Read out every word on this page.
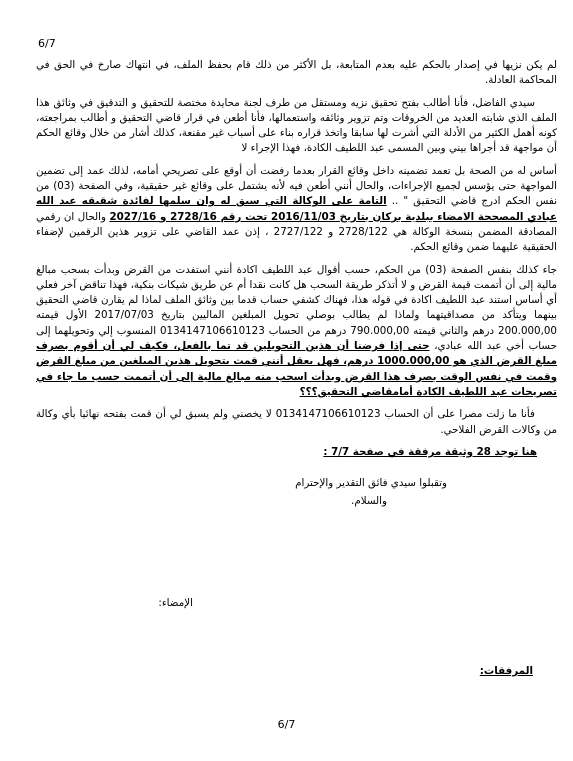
6/7

لم يكن نزيها في إصدار بالحكم عليه بعدم المتابعة، بل الأكثر من ذلك قام بحفظ الملف، في انتهاك صارخ في الحق في المحاكمة العادلة.

سيدي الفاضل، فأنا أطالب بفتح تحقيق نزيه ومستقل من طرف لجنة محايدة مختصة للتحقيق و التدقيق في وثائق هذا الملف الذي شابته العديد من الخروقات وتم تزوير وثائقه واستعمالها، فأنا أطعن في قرار قاضي التحقيق و أطالب بمراجعته، كونه أهمل الكثير من الأدلة التي أشرت لها سابقا واتخذ قراره بناء على أسباب غير مقنعة، كذلك أشار من خلال وقائع الحكم أن مواجهة قد أجراها بيني وبين المسمى عبد اللطيف الكادة، فهذا الإجراء لا

أساس له من الصحة بل تعمد تضمينه داخل وقائع القرار بعدما رفضت أن أوقع على تصريحي أمامه، لذلك عمد إلى تضمين المواجهة حتى يؤسس لجميع الإجراءات، والحال أنني أطعن فيه لأنه يشتمل على وقائع غير حقيقية، وفي الصفحة (03) من نفس الحكم ادرج قاضي التحقيق " .. التامة على الوكالة التي سبق له وان سلمها لفائدة شقيقه عبد الله عبادي المصححة الامضاء ببلدية بركان بتاريخ 2016/11/03 تحت رقم 2728/16 و 2027/16 والحال ان رقمي المصادقة المضمن بنسخة الوكالة هي 2728/122 و 2727/122 ، إذن عمد القاضي على تزوير هذين الرقمين لإضفاء الحقيقية عليهما ضمن وقائع الحكم.

جاء كذلك بنفس الصفحة (03) من الحكم، حسب أقوال عبد اللطيف اكادة أنني استفدت من القرض وبدأت بسحب مبالغ مالية إلى أن أتممت قيمة القرض و لا أتذكر طريقة السحب هل كانت نقدا أم عن طريق شيكات بنكية، فهذا تناقض آخر فعلي أي أساس استند عبد اللطيف اكادة في قوله هذا، فهناك كشفي حساب قدما بين وثائق الملف لماذا لم يقارن قاضي التحقيق بينهما ويتأكد من مصداقيتهما ولماذا لم يطالب بوصلي تحويل المبلغين الماليين بتاريخ 2017/07/03 الأول قيمته 200.000,00 درهم والثاني قيمته 790.000,00 درهم من الحساب 0134147106610123 المنسوب إلي وتحويلهما إلى حساب أخي عبد الله عبادي، حتى إذا فرضنا أن هذين التحويلين قد تما بالفعل، فكيف لي أن أقوم بصرف مبلغ القرض الذي هو 1000.000,00 درهم، فهل يعقل أنني قمت بتحويل هذين المبلغين من مبلغ القرض وقمت في نفس الوقت بصرف هذا القرض وبدأت اسحب منه مبالغ مالية إلى أن أتممت حسب ما جاء في تصريحات عبد اللطيف الكادة أمامقاضي التحقيق؟؟؟

فأنا ما زلت مصرا على أن الحساب 0134147106610123 لا يخصني ولم يسبق لي أن قمت بفتحه نهائيا بأي وكالة من وكالات القرض الفلاحي.

هنا توجد 28 وثيقة مرفقة في صفحة 7/7 :
وتقبلوا سيدي فائق التقدير والإحترام
والسلام.
الإمضاء:
المرفقات:
6/7
